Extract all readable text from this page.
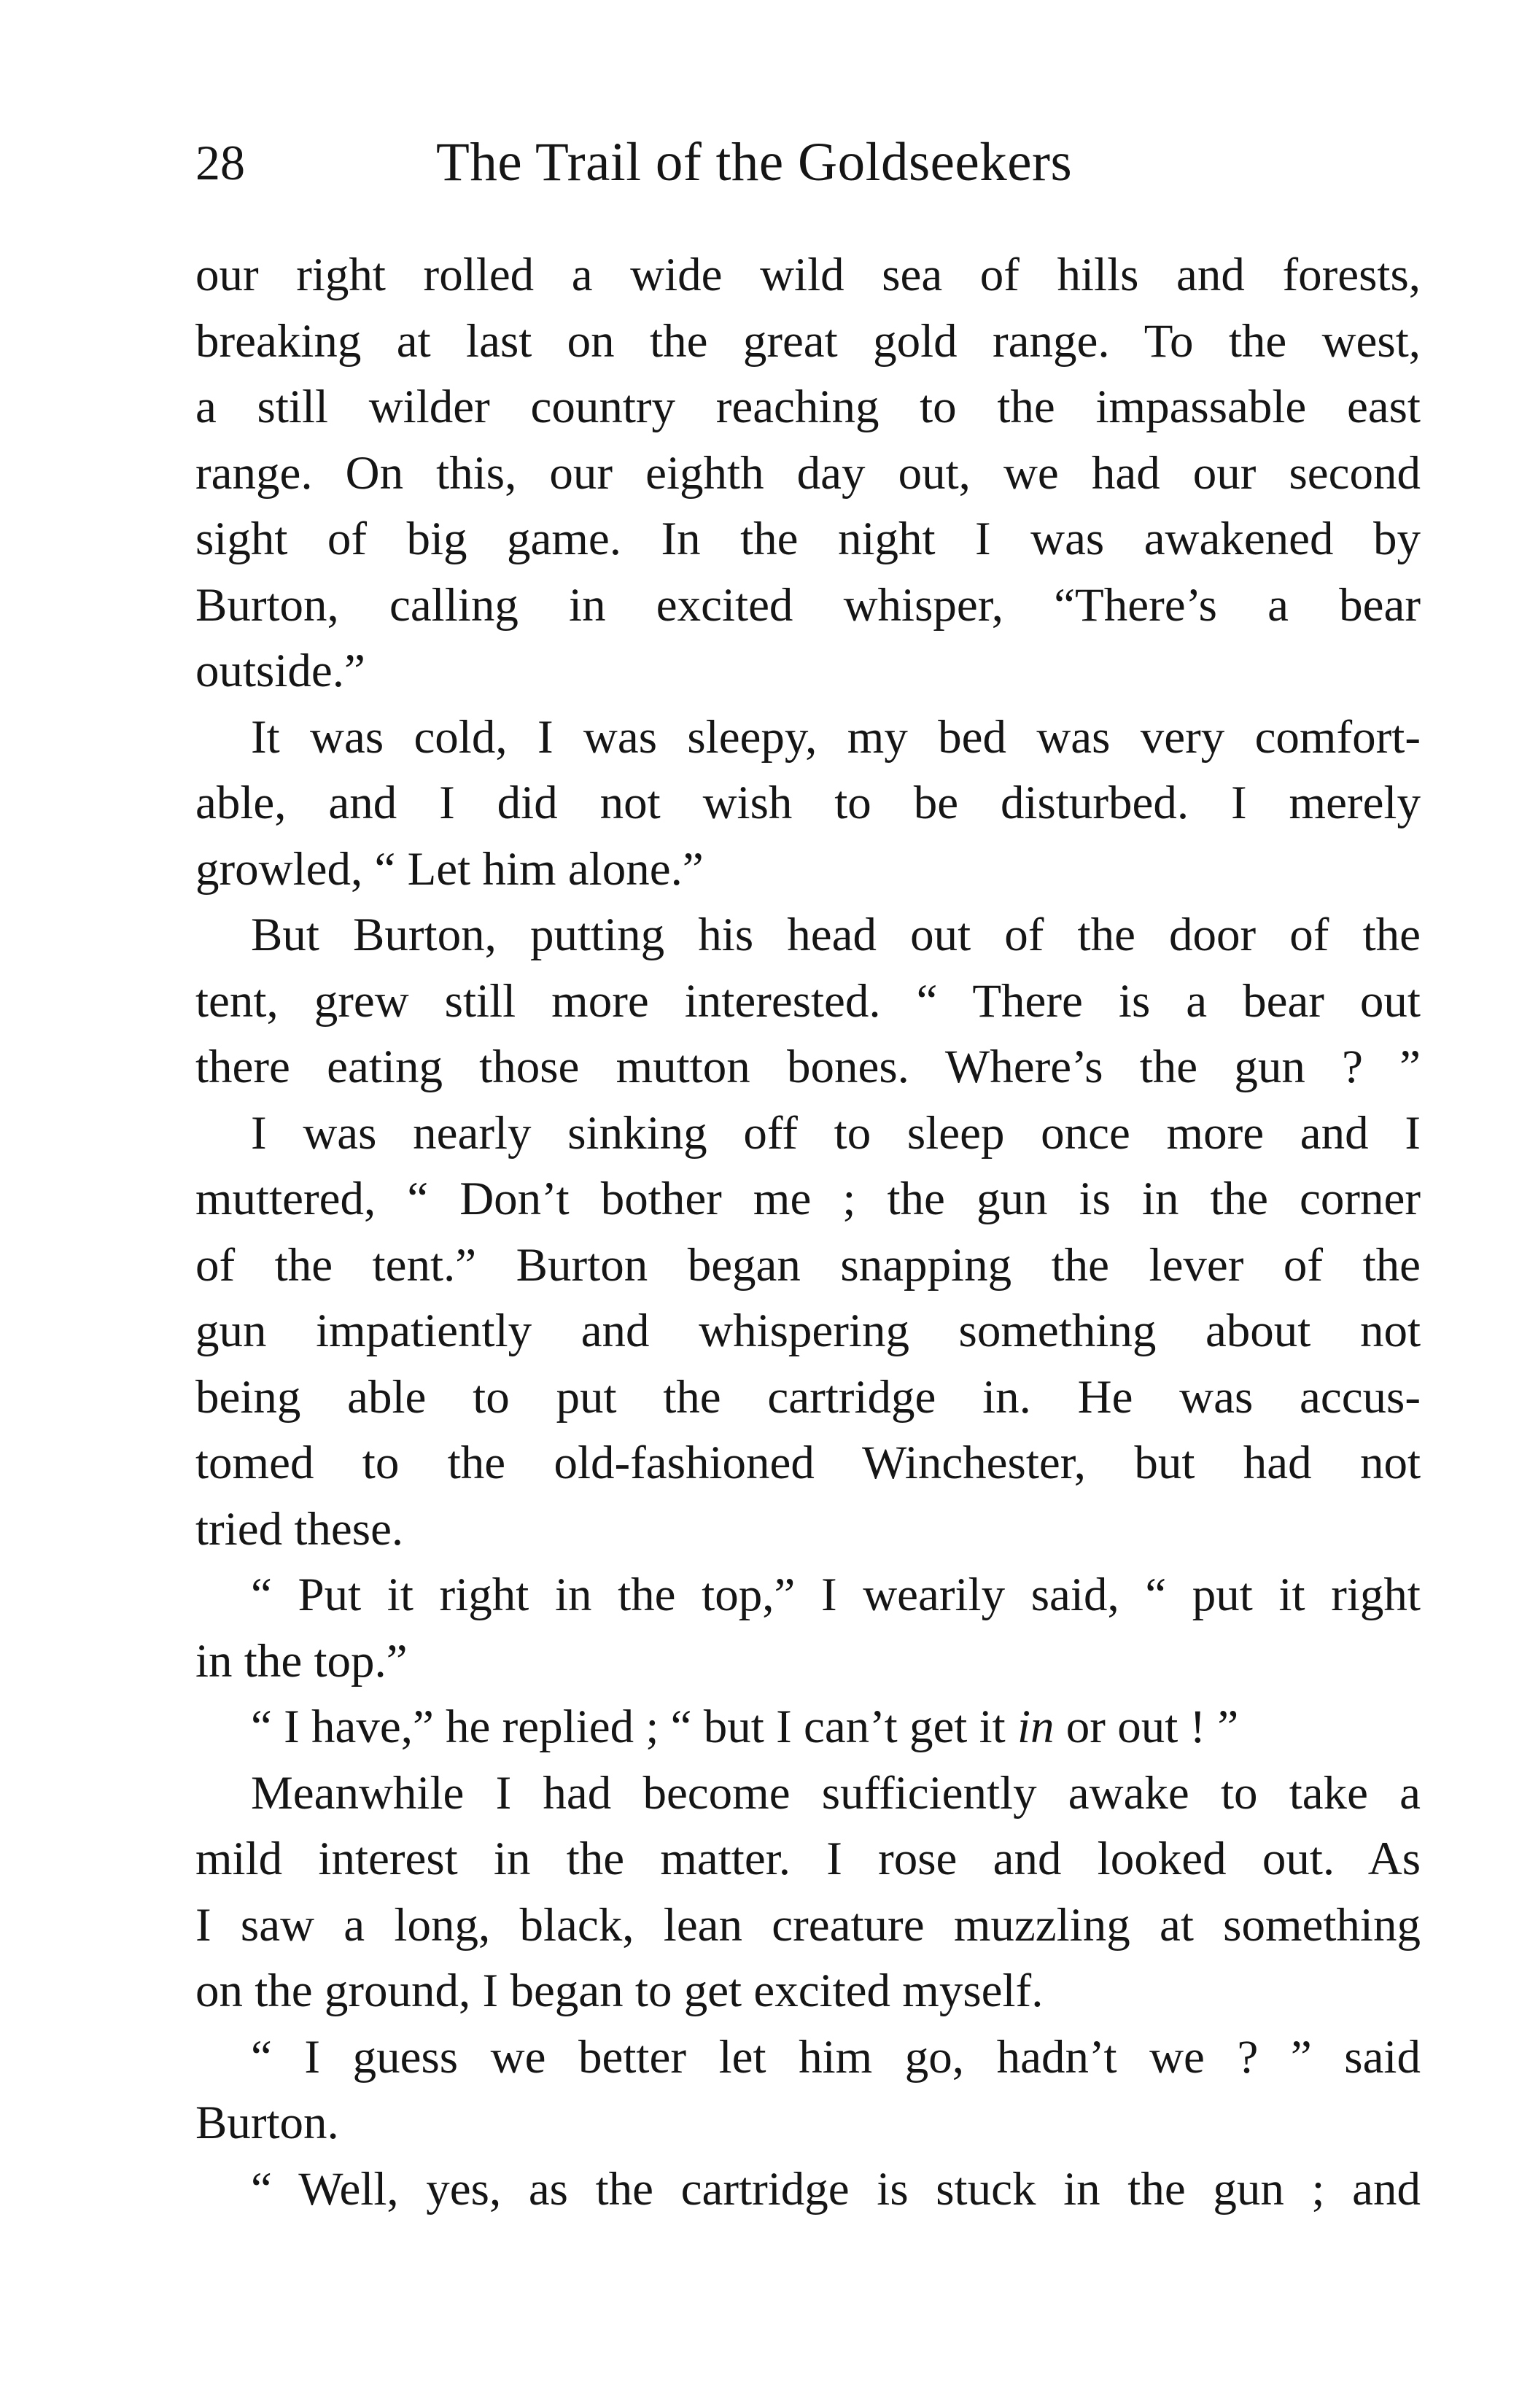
28	The Trail of the Goldseekers
our right rolled a wide wild sea of hills and forests,
breaking at last on the great gold range. To the west,
a still wilder country reaching to the impassable east
range. On this, our eighth day out, we had our second
sight of big game. In the night I was awakened by
Burton, calling in excited whisper, “There’s a bear
outside.”
It was cold, I was sleepy, my bed was very comfort-
able, and I did not wish to be disturbed. I merely
growled, “ Let him alone.”
But Burton, putting his head out of the door of the
tent, grew still more interested. “ There is a bear out
there eating those mutton bones. Where’s the gun ? ”
I was nearly sinking off to sleep once more and I
muttered, “ Don’t bother me ; the gun is in the corner
of the tent.” Burton began snapping the lever of the
gun impatiently and whispering something about not
being able to put the cartridge in. He was accus-
tomed to the old-fashioned Winchester, but had not
tried these.
“ Put it right in the top,” I wearily said, “ put it right
in the top.”
“ I have,” he replied ; “ but I can’t get it in or out ! ”
Meanwhile I had become sufficiently awake to take a
mild interest in the matter. I rose and looked out. As
I saw a long, black, lean creature muzzling at something
on the ground, I began to get excited myself.
“ I guess we better let him go, hadn’t we ? ” said
Burton.
“ Well, yes, as the cartridge is stuck in the gun ; and
